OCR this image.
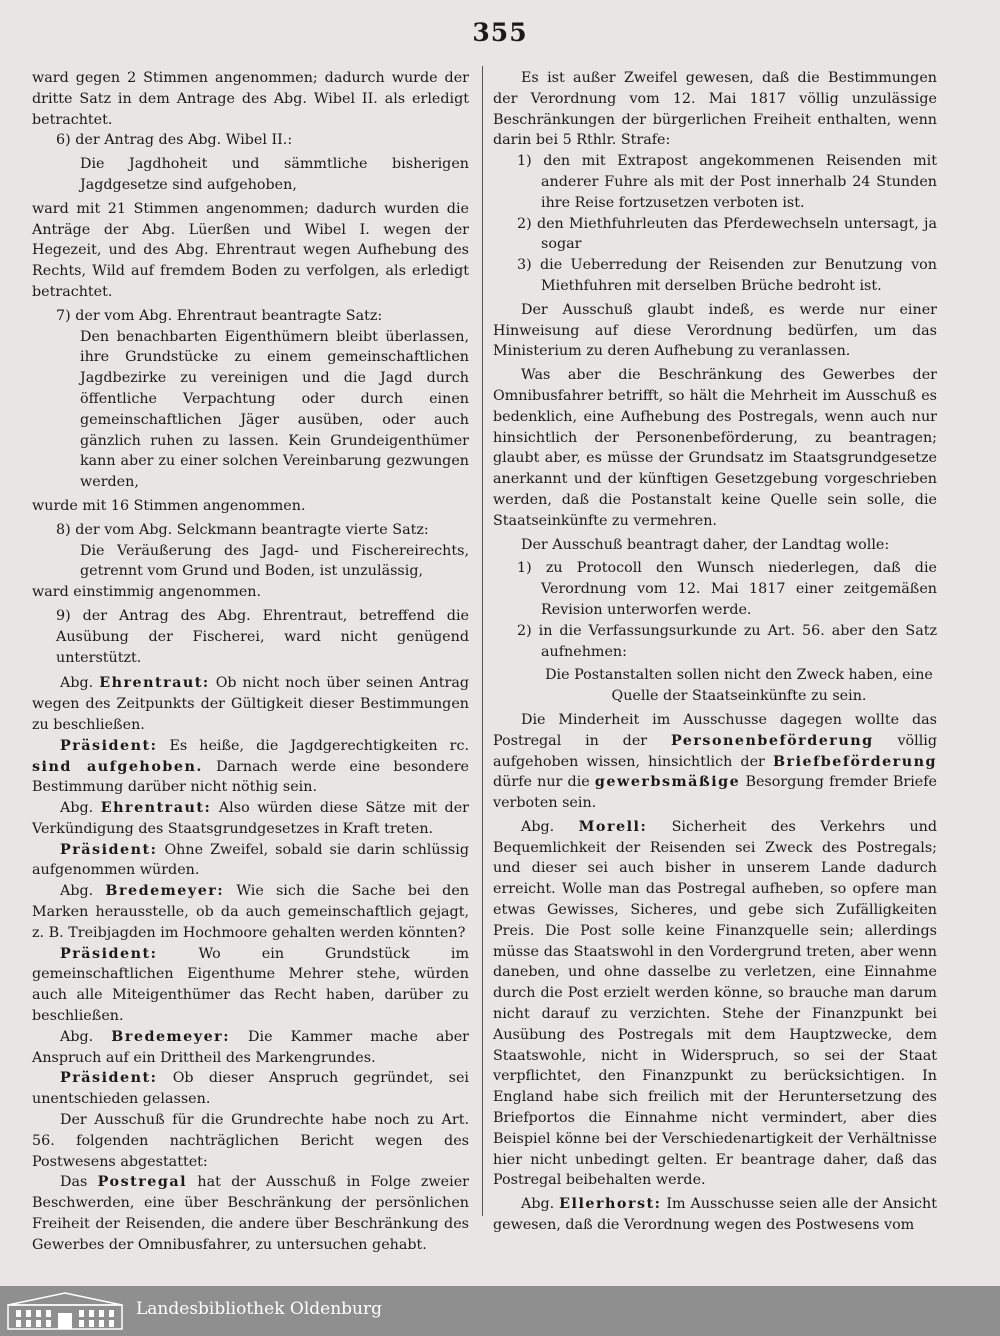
355

ward gegen 2 Stimmen angenommen; dadurch wurde der dritte Satz in dem Antrage des Abg. Wibel II. als erledigt betrachtet.

6) der Antrag des Abg. Wibel II.:

Die Jagdhoheit und sämmtliche bisherigen Jagdgesetze sind aufgehoben,

ward mit 21 Stimmen angenommen; dadurch wurden die Anträge der Abg. Lüerßen und Wibel I. wegen der Hegezeit, und des Abg. Ehrentraut wegen Aufhebung des Rechts, Wild auf fremdem Boden zu verfolgen, als erledigt betrachtet.

7) der vom Abg. Ehrentraut beantragte Satz:

Den benachbarten Eigenthümern bleibt überlassen, ihre Grundstücke zu einem gemeinschaftlichen Jagdbezirke zu vereinigen und die Jagd durch öffentliche Verpachtung oder durch einen gemeinschaftlichen Jäger ausüben, oder auch gänzlich ruhen zu lassen. Kein Grundeigenthümer kann aber zu einer solchen Vereinbarung gezwungen werden,

wurde mit 16 Stimmen angenommen.

8) der vom Abg. Selckmann beantragte vierte Satz:

Die Veräußerung des Jagd- und Fischereirechts, getrennt vom Grund und Boden, ist unzulässig,

ward einstimmig angenommen.

9) der Antrag des Abg. Ehrentraut, betreffend die Ausübung der Fischerei, ward nicht genügend unterstützt.

Abg. Ehrentraut: Ob nicht noch über seinen Antrag wegen des Zeitpunkts der Gültigkeit dieser Bestimmungen zu beschließen.

Präsident: Es heiße, die Jagdgerechtigkeiten rc. sind aufgehoben. Darnach werde eine besondere Bestimmung darüber nicht nöthig sein.

Abg. Ehrentraut: Also würden diese Sätze mit der Verkündigung des Staatsgrundgesetzes in Kraft treten.

Präsident: Ohne Zweifel, sobald sie darin schlüssig aufgenommen würden.

Abg. Bredemeyer: Wie sich die Sache bei den Marken herausstelle, ob da auch gemeinschaftlich gejagt, z. B. Treibjagden im Hochmoore gehalten werden könnten?

Präsident:	Wo ein Grundstück im gemeinschaftlichen Eigenthume Mehrer stehe, würden auch alle Miteigenthümer das Recht haben, darüber zu beschließen.

Abg. Bredemeyer: Die Kammer mache aber Anspruch auf ein Drittheil des Markengrundes.

Präsident: Ob dieser Anspruch gegründet, sei unentschieden gelassen.

Der Ausschuß für die Grundrechte habe noch zu Art. 56. folgenden nachträglichen Bericht wegen des Postwesens abgestattet:

Das Postregal hat der Ausschuß in Folge zweier Beschwerden, eine über Beschränkung der persönlichen Freiheit der Reisenden, die andere über Beschränkung des Gewerbes der Omnibusfahrer, zu untersuchen gehabt.

Es ist außer Zweifel gewesen, daß die Bestimmungen der Verordnung vom 12. Mai 1817 völlig unzulässige Beschränkungen der bürgerlichen Freiheit enthalten, wenn darin bei 5 Rthlr. Strafe:

1) den mit Extrapost angekommenen Reisenden mit anderer Fuhre als mit der Post innerhalb 24 Stunden ihre Reise fortzusetzen verboten ist.

2) den Miethfuhrleuten das Pferdewechseln untersagt, ja sogar

3) die Ueberredung der Reisenden zur Benutzung von Miethfuhren mit derselben Brüche bedroht ist.

Der Ausschuß glaubt indeß, es werde nur einer Hinweisung auf diese Verordnung bedürfen, um das Ministerium zu deren Aufhebung zu veranlassen.

Was aber die Beschränkung des Gewerbes der Omnibusfahrer betrifft, so hält die Mehrheit im Ausschuß es bedenklich, eine Aufhebung des Postregals, wenn auch nur hinsichtlich der Personenbeförderung, zu beantragen; glaubt aber, es müsse der Grundsatz im Staatsgrundgesetze anerkannt und der künftigen Gesetzgebung vorgeschrieben werden, daß die Postanstalt keine Quelle sein solle, die Staatseinkünfte zu vermehren.

Der Ausschuß beantragt daher, der Landtag wolle:

1) zu Protocoll den Wunsch niederlegen, daß die Verordnung vom 12. Mai 1817 einer zeitgemäßen Revision unterworfen werde.

2) in die Verfassungsurkunde zu Art. 56. aber den Satz aufnehmen:

Die Postanstalten sollen nicht den Zweck haben, eine Quelle der Staatseinkünfte zu sein.

Die Minderheit im Ausschusse dagegen wollte das Postregal in der Personenbeförderung völlig aufgehoben wissen, hinsichtlich der Briefbeförderung dürfe nur die gewerbsmäßige Besorgung fremder Briefe verboten sein.

Abg. Morell: Sicherheit des Verkehrs und Bequemlichkeit der Reisenden sei Zweck des Postregals; und dieser sei auch bisher in unserem Lande dadurch erreicht. Wolle man das Postregal aufheben, so opfere man etwas Gewisses, Sicheres, und gebe sich Zufälligkeiten Preis. Die Post solle keine Finanzquelle sein; allerdings müsse das Staatswohl in den Vordergrund treten, aber wenn daneben, und ohne dasselbe zu verletzen, eine Einnahme durch die Post erzielt werden könne, so brauche man darum nicht darauf zu verzichten. Stehe der Finanzpunkt bei Ausübung des Postregals mit dem Hauptzwecke, dem Staatswohle, nicht in Widerspruch, so sei der Staat verpflichtet, den Finanzpunkt zu berücksichtigen. In England habe sich freilich mit der Heruntersetzung des Briefportos die Einnahme nicht vermindert, aber dies Beispiel könne bei der Verschiedenartigkeit der Verhältnisse hier nicht unbedingt gelten. Er beantrage daher, daß das Postregal beibehalten werde.

Abg. Ellerhorst: Im Ausschusse seien alle der Ansicht gewesen, daß die Verordnung wegen des Postwesens vom

Landesbibliothek Oldenburg
